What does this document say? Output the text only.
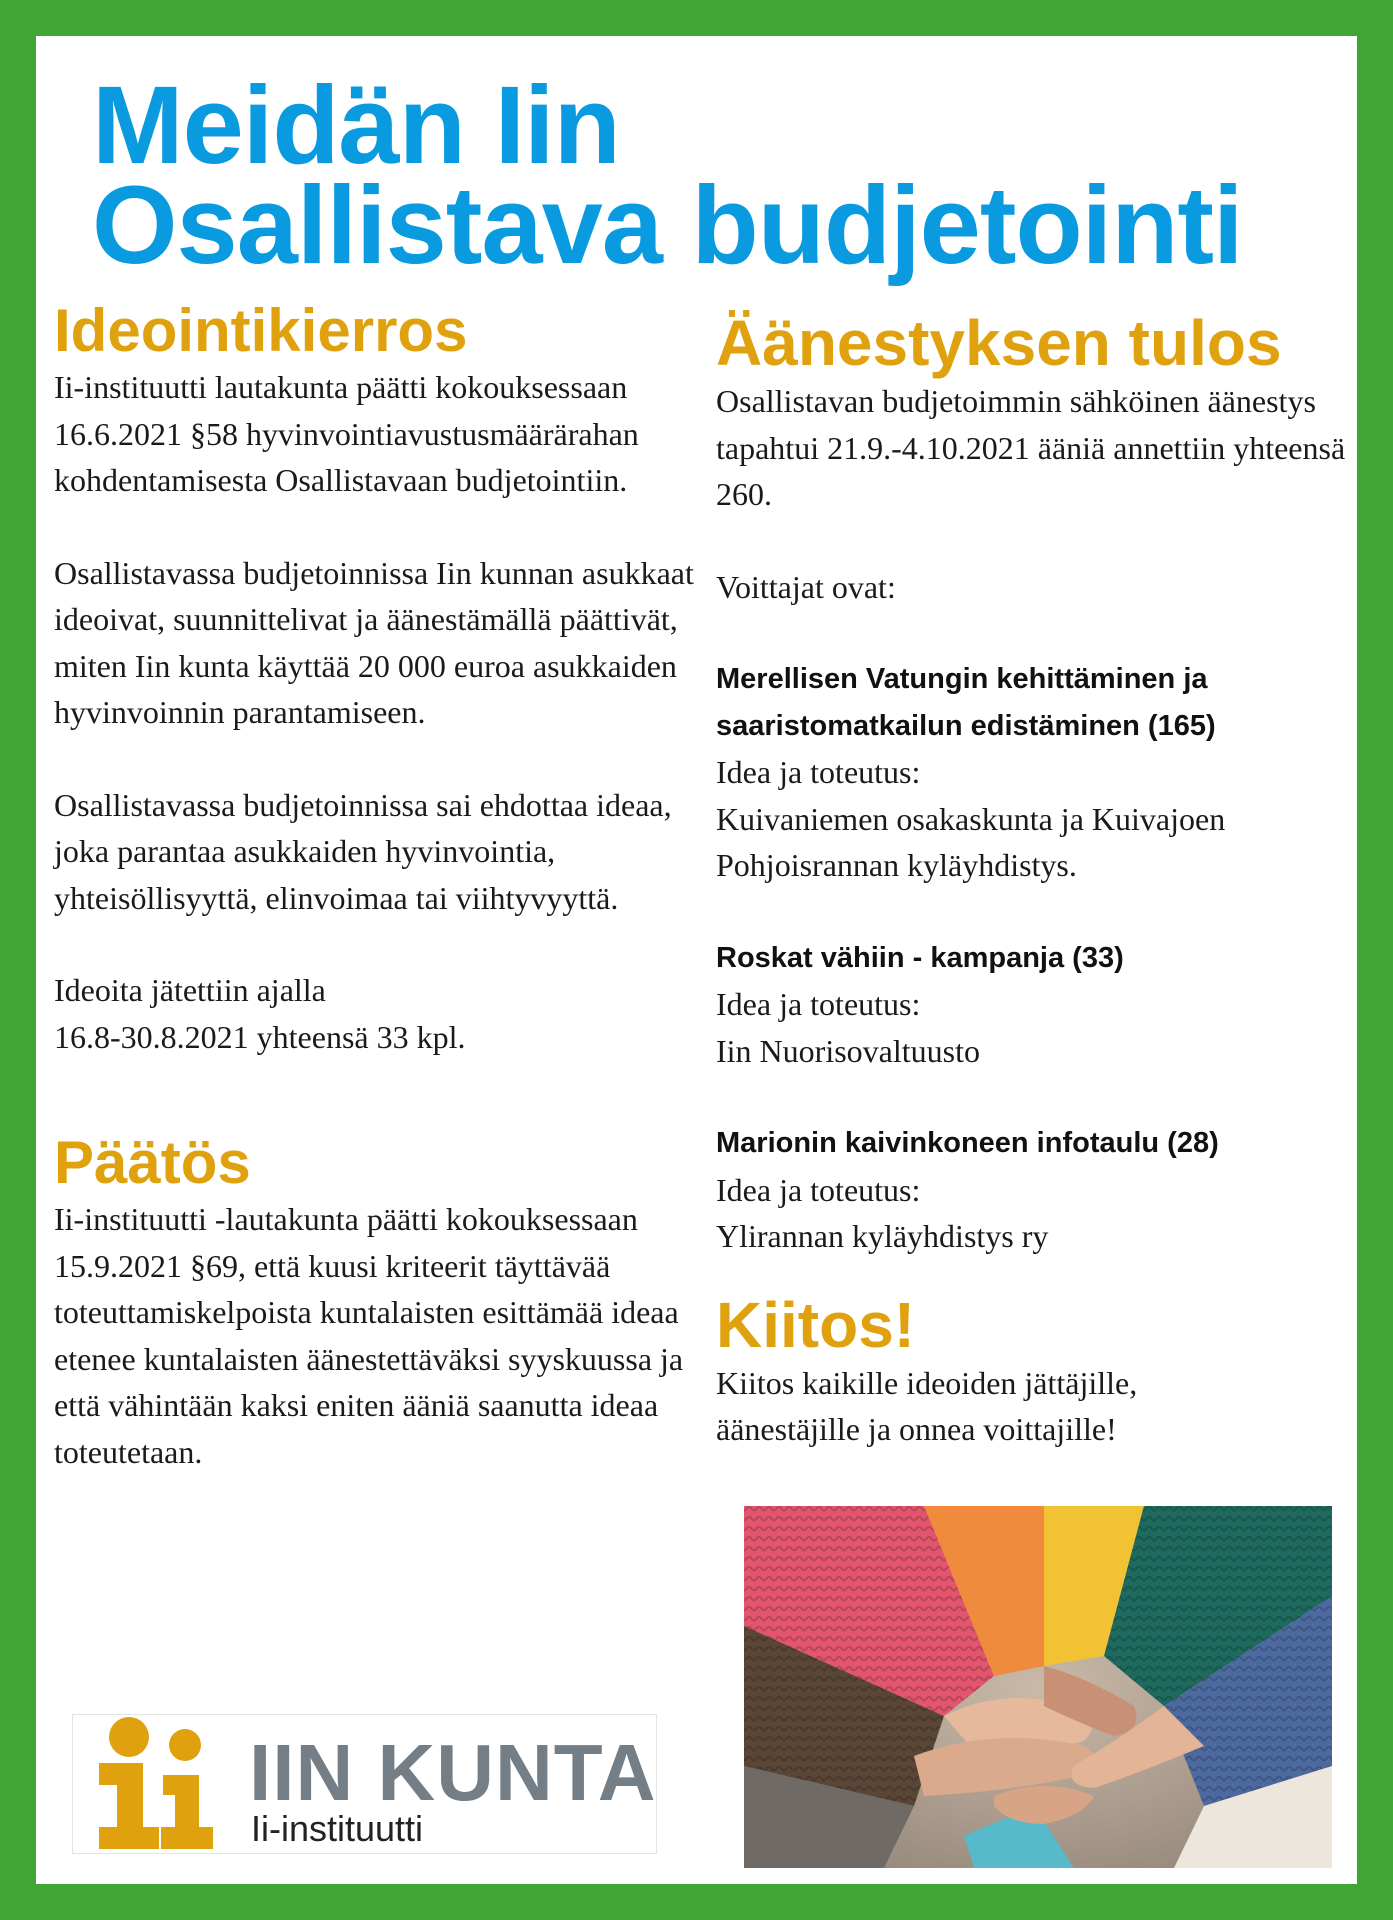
Meidän Iin
Osallistava budjetointi
Ideointikierros

Ii-instituutti lautakunta päätti kokouksessaan 16.6.2021 §58 hyvinvointiavustusmäärärahan kohdentamisesta Osallistavaan budjetointiin.

Osallistavassa budjetoinnissa Iin kunnan asukkaat ideoivat, suunnittelivat ja äänestämällä päättivät, miten Iin kunta käyttää 20 000 euroa asukkaiden hyvinvoinnin parantamiseen.

Osallistavassa budjetoinnissa sai ehdottaa ideaa, joka parantaa asukkaiden hyvinvointia, yhteisöllisyyttä, elinvoimaa tai viihtyvyyttä.

Ideoita jätettiin ajalla
16.8-30.8.2021 yhteensä 33 kpl.

Päätös

Ii-instituutti -lautakunta päätti kokouksessaan 15.9.2021 §69, että kuusi kriteerit täyttävää toteuttamiskelpoista kuntalaisten esittämää ideaa etenee kuntalaisten äänestettäväksi syyskuussa ja että vähintään kaksi eniten ääniä saanutta ideaa toteutetaan.

Äänestyksen tulos

Osallistavan budjetoimmin sähköinen äänestys tapahtui 21.9.-4.10.2021 ääniä annettiin yhteensä 260.

Voittajat ovat:

Merellisen Vatungin kehittäminen ja

saaristomatkailun edistäminen (165)

Idea ja toteutus:

Kuivaniemen osakaskunta ja Kuivajoen

Pohjoisrannan kyläyhdistys.

Roskat vähiin - kampanja (33)

Idea ja toteutus:

Iin Nuorisovaltuusto

Marionin kaivinkoneen infotaulu (28)

Idea ja toteutus:

Ylirannan kyläyhdistys ry

Kiitos!

Kiitos kaikille ideoiden jättäjille,

äänestäjille ja onnea voittajille!

IIN KUNTA
Ii-instituutti
